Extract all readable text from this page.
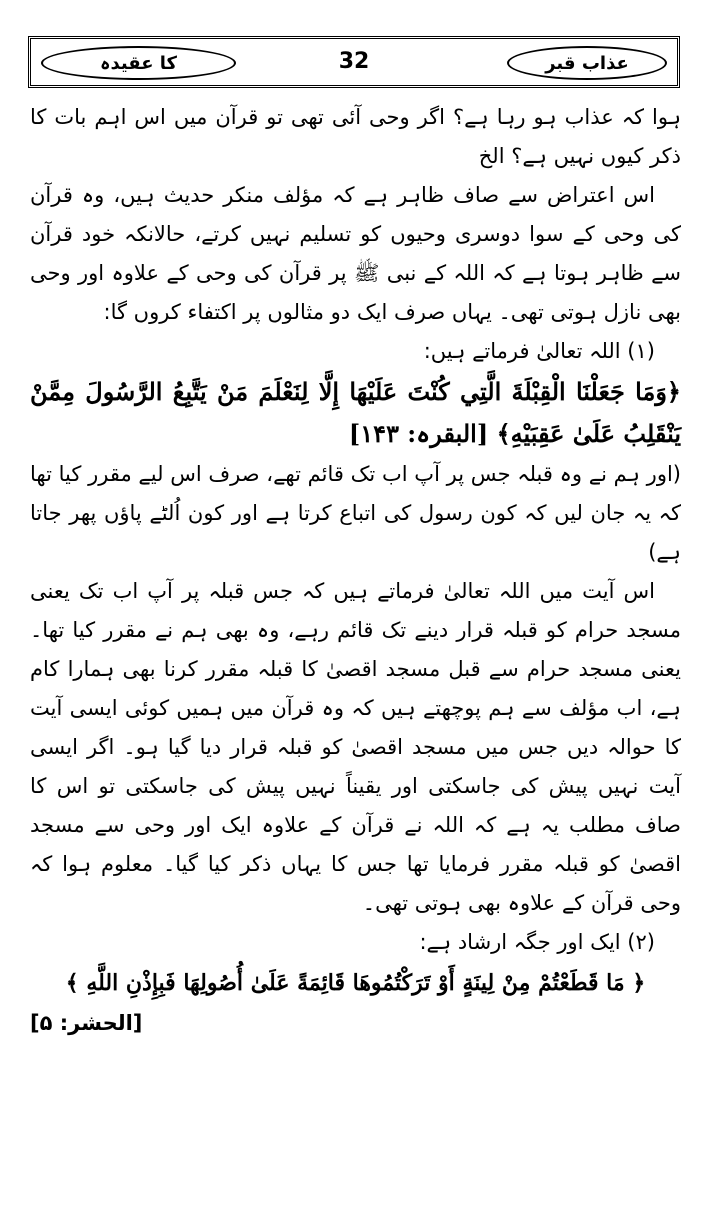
عذاب قبر
32
کا عقیدہ

ہوا کہ عذاب ہو رہا ہے؟ اگر وحی آئی تھی تو قرآن میں اس اہم بات کا ذکر کیوں نہیں ہے؟ الخ

اس اعتراض سے صاف ظاہر ہے کہ مؤلف منکر حدیث ہیں، وہ قرآن کی وحی کے سوا دوسری وحیوں کو تسلیم نہیں کرتے، حالانکہ خود قرآن سے ظاہر ہوتا ہے کہ اللہ کے نبی ﷺ پر قرآن کی وحی کے علاوہ اور وحی بھی نازل ہوتی تھی۔ یہاں صرف ایک دو مثالوں پر اکتفاء کروں گا:

(۱) اللہ تعالیٰ فرماتے ہیں:

﴿وَمَا جَعَلْنَا الْقِبْلَةَ الَّتِي كُنْتَ عَلَيْهَا إِلَّا لِنَعْلَمَ مَنْ يَتَّبِعُ الرَّسُولَ مِمَّنْ يَنْقَلِبُ عَلَىٰ عَقِبَيْهِ﴾ [البقرہ: ۱۴۳]

(اور ہم نے وہ قبلہ جس پر آپ اب تک قائم تھے، صرف اس لیے مقرر کیا تھا کہ یہ جان لیں کہ کون رسول کی اتباع کرتا ہے اور کون اُلٹے پاؤں پھر جاتا ہے)

اس آیت میں اللہ تعالیٰ فرماتے ہیں کہ جس قبلہ پر آپ اب تک یعنی مسجد حرام کو قبلہ قرار دینے تک قائم رہے، وہ بھی ہم نے مقرر کیا تھا۔ یعنی مسجد حرام سے قبل مسجد اقصیٰ کا قبلہ مقرر کرنا بھی ہمارا کام ہے، اب مؤلف سے ہم پوچھتے ہیں کہ وہ قرآن میں ہمیں کوئی ایسی آیت کا حوالہ دیں جس میں مسجد اقصیٰ کو قبلہ قرار دیا گیا ہو۔ اگر ایسی آیت نہیں پیش کی جاسکتی اور یقیناً نہیں پیش کی جاسکتی تو اس کا صاف مطلب یہ ہے کہ اللہ نے قرآن کے علاوہ ایک اور وحی سے مسجد اقصیٰ کو قبلہ مقرر فرمایا تھا جس کا یہاں ذکر کیا گیا۔ معلوم ہوا کہ وحی قرآن کے علاوہ بھی ہوتی تھی۔

(۲) ایک اور جگہ ارشاد ہے:

﴿ مَا قَطَعْتُمْ مِنْ لِينَةٍ أَوْ تَرَكْتُمُوهَا قَائِمَةً عَلَىٰ أُصُولِهَا فَبِإِذْنِ اللَّهِ ﴾

[الحشر: ۵]
